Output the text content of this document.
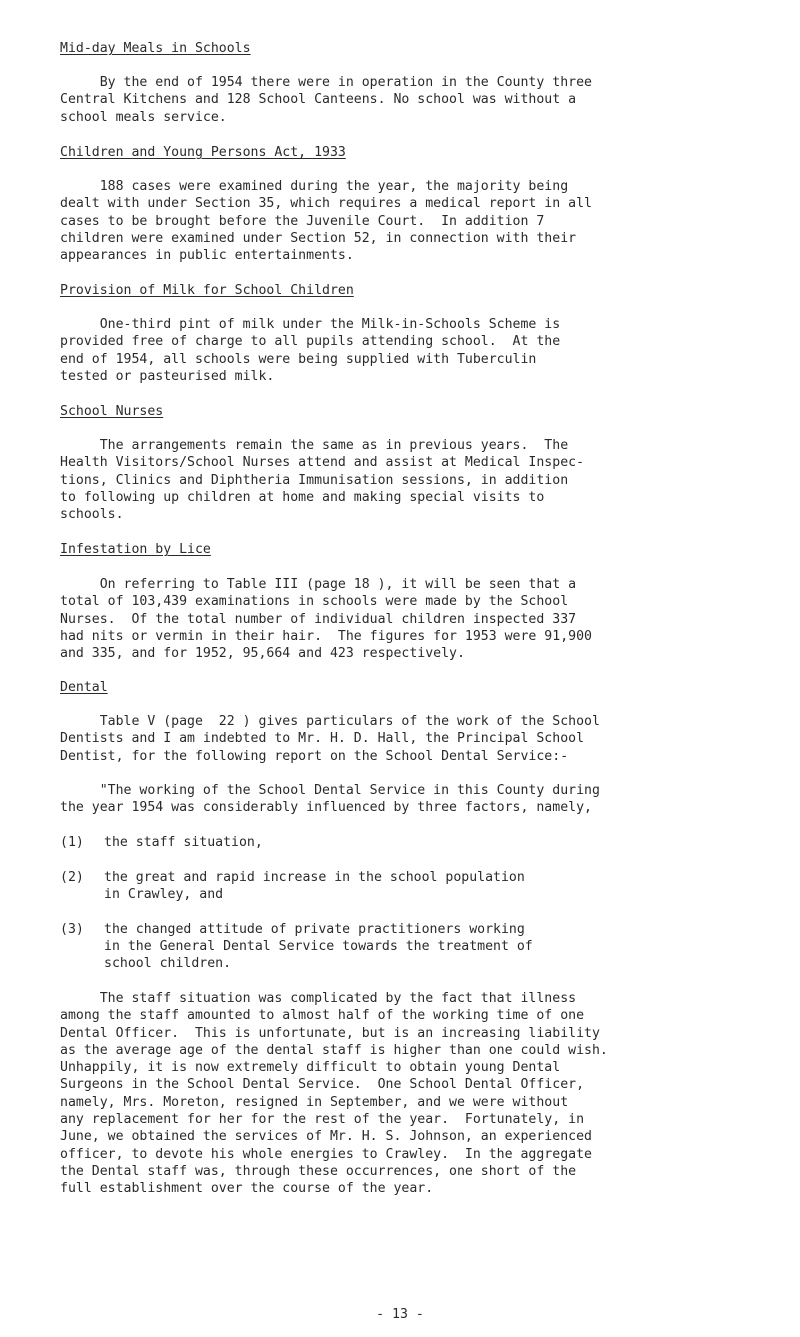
Mid-day Meals in Schools

By the end of 1954 there were in operation in the County three

Central Kitchens and 128 School Canteens. No school was without a

school meals service.

Children and Young Persons Act, 1933

188 cases were examined during the year, the majority being

dealt with under Section 35, which requires a medical report in all

cases to be brought before the Juvenile Court.  In addition 7

children were examined under Section 52, in connection with their

appearances in public entertainments.

Provision of Milk for School Children

One-third pint of milk under the Milk-in-Schools Scheme is

provided free of charge to all pupils attending school.  At the

end of 1954, all schools were being supplied with Tuberculin

tested or pasteurised milk.

School Nurses

The arrangements remain the same as in previous years.  The

Health Visitors/School Nurses attend and assist at Medical Inspec-

tions, Clinics and Diphtheria Immunisation sessions, in addition

to following up children at home and making special visits to

schools.

Infestation by Lice

On referring to Table III (page 18 ), it will be seen that a

total of 103,439 examinations in schools were made by the School

Nurses.  Of the total number of individual children inspected 337

had nits or vermin in their hair.  The figures for 1953 were 91,900

and 335, and for 1952, 95,664 and 423 respectively.

Dental

Table V (page  22 ) gives particulars of the work of the School

Dentists and I am indebted to Mr. H. D. Hall, the Principal School

Dentist, for the following report on the School Dental Service:-

"The working of the School Dental Service in this County during

the year 1954 was considerably influenced by three factors, namely,

(1) the staff situation,

(2) the great and rapid increase in the school population

in Crawley, and

(3) the changed attitude of private practitioners working

in the General Dental Service towards the treatment of

school children.

The staff situation was complicated by the fact that illness

among the staff amounted to almost half of the working time of one

Dental Officer.  This is unfortunate, but is an increasing liability

as the average age of the dental staff is higher than one could wish.

Unhappily, it is now extremely difficult to obtain young Dental

Surgeons in the School Dental Service.  One School Dental Officer,

namely, Mrs. Moreton, resigned in September, and we were without

any replacement for her for the rest of the year.  Fortunately, in

June, we obtained the services of Mr. H. S. Johnson, an experienced

officer, to devote his whole energies to Crawley.  In the aggregate

the Dental staff was, through these occurrences, one short of the

full establishment over the course of the year.

- 13 -
